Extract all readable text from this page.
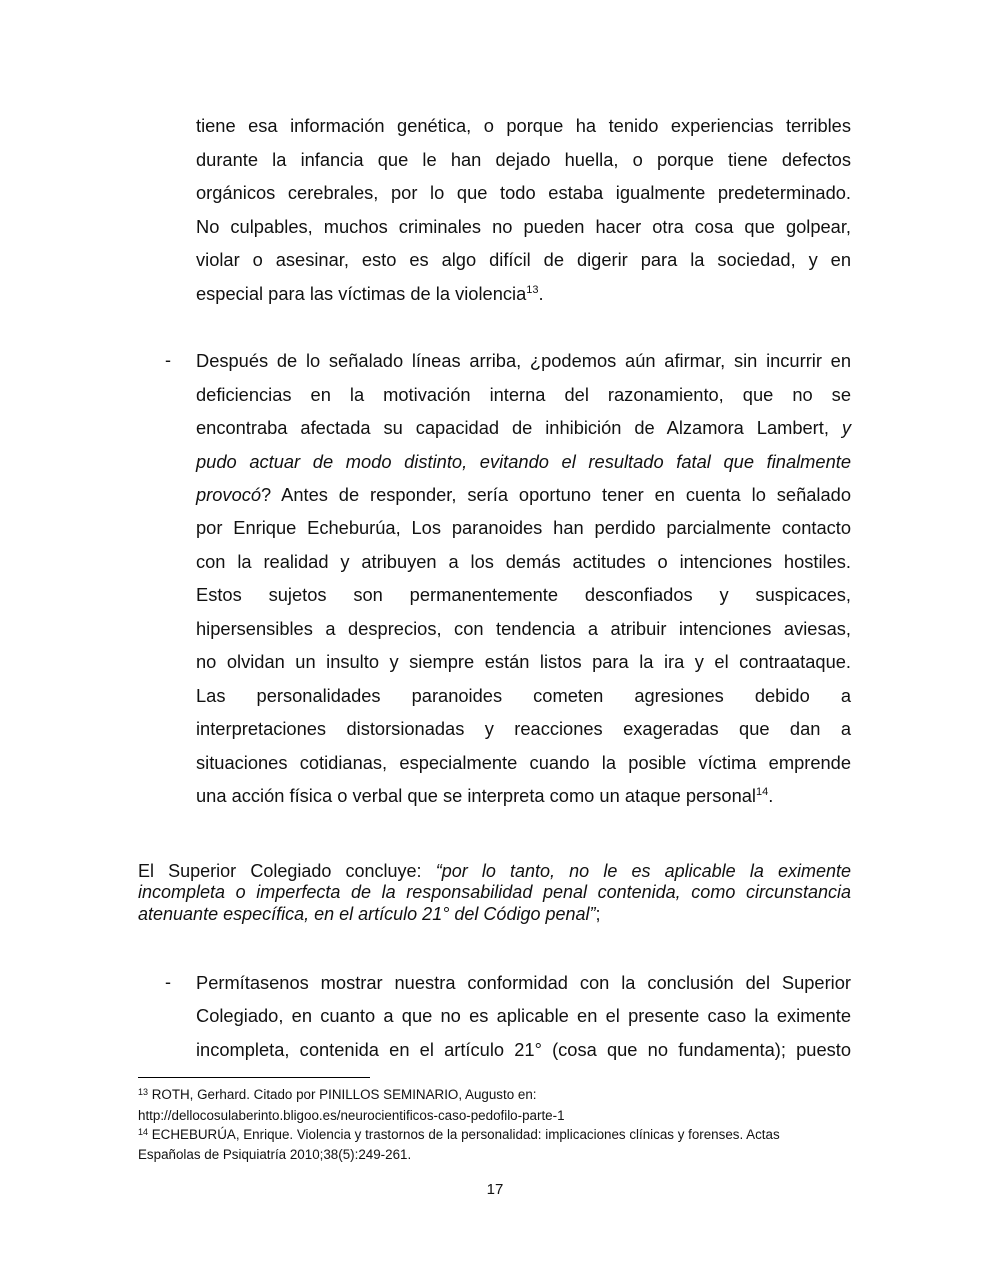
tiene esa información genética, o porque ha tenido experiencias terribles
durante la infancia que le han dejado huella, o porque tiene defectos
orgánicos cerebrales, por lo que todo estaba igualmente predeterminado.
No culpables, muchos criminales no pueden hacer otra cosa que golpear,
violar o asesinar, esto es algo difícil de digerir para la sociedad, y en
especial para las víctimas de la violencia$^{13}$.
- Después de lo señalado líneas arriba, ¿podemos aún afirmar, sin incurrir en
deficiencias en la motivación interna del razonamiento, que no se
encontraba afectada su capacidad de inhibición de Alzamora Lambert, y
pudo actuar de modo distinto, evitando el resultado fatal que finalmente
provocó? Antes de responder, sería oportuno tener en cuenta lo señalado
por Enrique Echeburúa, Los paranoides han perdido parcialmente contacto
con la realidad y atribuyen a los demás actitudes o intenciones hostiles.
Estos sujetos son permanentemente desconfiados y suspicaces,
hipersensibles a desprecios, con tendencia a atribuir intenciones aviesas,
no olvidan un insulto y siempre están listos para la ira y el contraataque.
Las personalidades paranoides cometen agresiones debido a
interpretaciones distorsionadas y reacciones exageradas que dan a
situaciones cotidianas, especialmente cuando la posible víctima emprende
una acción física o verbal que se interpreta como un ataque personal$^{14}$.
El Superior Colegiado concluye: “por lo tanto, no le es aplicable la eximente
incompleta o imperfecta de la responsabilidad penal contenida, como circunstancia
atenuante específica, en el artículo 21° del Código penal”;
- Permítasenos mostrar nuestra conformidad con la conclusión del Superior
Colegiado, en cuanto a que no es aplicable en el presente caso la eximente
incompleta, contenida en el artículo 21° (cosa que no fundamenta); puesto
$^{13}$ ROTH, Gerhard. Citado por PINILLOS SEMINARIO, Augusto en:
http://dellocosulaberinto.bligoo.es/neurocientificos-caso-pedofilo-parte-1
$^{14}$ ECHEBURÚA, Enrique. Violencia y trastornos de la personalidad: implicaciones clínicas y forenses. Actas
Españolas de Psiquiatría 2010;38(5):249-261.
17
